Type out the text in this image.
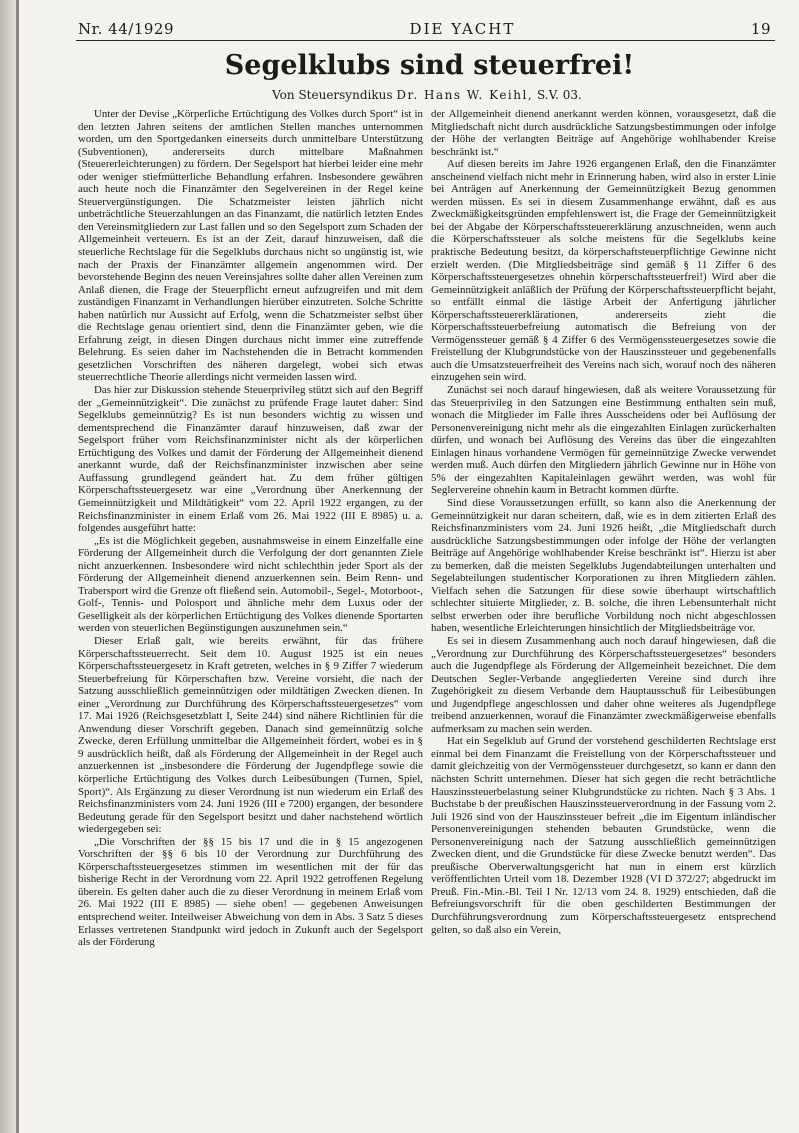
Nr. 44/1929	DIE YACHT	19
Segelklubs sind steuerfrei!
Von Steuersyndikus Dr. Hans W. Keihl, S.V. 03.

Unter der Devise „Körperliche Ertüchtigung des Volkes durch Sport“ ist in den letzten Jahren seitens der amtlichen Stellen manches unternommen worden, um den Sportgedanken einerseits durch unmittelbare Unterstützung (Subventionen), andererseits durch mittelbare Maßnahmen (Steuererleichterungen) zu fördern. Der Segelsport hat hierbei leider eine mehr oder weniger stiefmütterliche Behandlung erfahren. Insbesondere gewähren auch heute noch die Finanzämter den Segelvereinen in der Regel keine Steuervergünstigungen. Die Schatzmeister leisten jährlich nicht unbeträchtliche Steuerzahlungen an das Finanzamt, die natürlich letzten Endes den Vereinsmitgliedern zur Last fallen und so den Segelsport zum Schaden der Allgemeinheit verteuern. Es ist an der Zeit, darauf hinzuweisen, daß die steuerliche Rechtslage für die Segelklubs durchaus nicht so ungünstig ist, wie nach der Praxis der Finanzämter allgemein angenommen wird. Der bevorstehende Beginn des neuen Vereinsjahres sollte daher allen Vereinen zum Anlaß dienen, die Frage der Steuerpflicht erneut aufzugreifen und mit dem zuständigen Finanzamt in Verhandlungen hierüber einzutreten. Solche Schritte haben natürlich nur Aussicht auf Erfolg, wenn die Schatzmeister selbst über die Rechtslage genau orientiert sind, denn die Finanzämter geben, wie die Erfahrung zeigt, in diesen Dingen durchaus nicht immer eine zutreffende Belehrung. Es seien daher im Nachstehenden die in Betracht kommenden gesetzlichen Vorschriften des näheren dargelegt, wobei sich etwas steuerrechtliche Theorie allerdings nicht vermeiden lassen wird.

Das hier zur Diskussion stehende Steuerprivileg stützt sich auf den Begriff der „Gemeinnützigkeit“. Die zunächst zu prüfende Frage lautet daher: Sind Segelklubs gemeinnützig? Es ist nun besonders wichtig zu wissen und dementsprechend die Finanzämter darauf hinzuweisen, daß zwar der Segelsport früher vom Reichsfinanzminister nicht als der körperlichen Ertüchtigung des Volkes und damit der Förderung der Allgemeinheit dienend anerkannt wurde, daß der Reichsfinanzminister inzwischen aber seine Auffassung grundlegend geändert hat. Zu dem früher gültigen Körperschaftssteuergesetz war eine „Verordnung über Anerkennung der Gemeinnützigkeit und Mildtätigkeit“ vom 22. April 1922 ergangen, zu der Reichsfinanzminister in einem Erlaß vom 26. Mai 1922 (III E 8985) u. a. folgendes ausgeführt hatte:

„Es ist die Möglichkeit gegeben, ausnahmsweise in einem Einzelfalle eine Förderung der Allgemeinheit durch die Verfolgung der dort genannten Ziele nicht anzuerkennen. Insbesondere wird nicht schlechthin jeder Sport als der Förderung der Allgemeinheit dienend anzuerkennen sein. Beim Renn- und Trabersport wird die Grenze oft fließend sein. Automobil-, Segel-, Motorboot-, Golf-, Tennis- und Polosport und ähnliche mehr dem Luxus oder der Geselligkeit als der körperlichen Ertüchtigung des Volkes dienende Sportarten werden von steuerlichen Begünstigungen auszunehmen sein.“

Dieser Erlaß galt, wie bereits erwähnt, für das frühere Körperschaftssteuerrecht. Seit dem 10. August 1925 ist ein neues Körperschaftssteuergesetz in Kraft getreten, welches in § 9 Ziffer 7 wiederum Steuerbefreiung für Körperschaften bzw. Vereine vorsieht, die nach der Satzung ausschließlich gemeinnützigen oder mildtätigen Zwecken dienen. In einer „Verordnung zur Durchführung des Körperschaftssteuergesetzes“ vom 17. Mai 1926 (Reichsgesetzblatt I, Seite 244) sind nähere Richtlinien für die Anwendung dieser Vorschrift gegeben. Danach sind gemeinnützig solche Zwecke, deren Erfüllung unmittelbar die Allgemeinheit fördert, wobei es in § 9 ausdrücklich heißt, daß als Förderung der Allgemeinheit in der Regel auch anzuerkennen ist „insbesondere die Förderung der Jugendpflege sowie die körperliche Ertüchtigung des Volkes durch Leibesübungen (Turnen, Spiel, Sport)“. Als Ergänzung zu dieser Verordnung ist nun wiederum ein Erlaß des Reichsfinanzministers vom 24. Juni 1926 (III e 7200) ergangen, der besondere Bedeutung gerade für den Segelsport besitzt und daher nachstehend wörtlich wiedergegeben sei:

„Die Vorschriften der §§ 15 bis 17 und die in § 15 angezogenen Vorschriften der §§ 6 bis 10 der Verordnung zur Durchführung des Körperschaftssteuergesetzes stimmen im wesentlichen mit der für das bisherige Recht in der Verordnung vom 22. April 1922 getroffenen Regelung überein. Es gelten daher auch die zu dieser Verordnung in meinem Erlaß vom 26. Mai 1922 (III E 8985) — siehe oben! — gegebenen Anweisungen entsprechend weiter. Inteilweiser Abweichung von dem in Abs. 3 Satz 5 dieses Erlasses vertretenen Standpunkt wird jedoch in Zukunft auch der Segelsport als der Förderung

der Allgemeinheit dienend anerkannt werden können, vorausgesetzt, daß die Mitgliedschaft nicht durch ausdrückliche Satzungsbestimmungen oder infolge der Höhe der verlangten Beiträge auf Angehörige wohlhabender Kreise beschränkt ist.“

Auf diesen bereits im Jahre 1926 ergangenen Erlaß, den die Finanzämter anscheinend vielfach nicht mehr in Erinnerung haben, wird also in erster Linie bei Anträgen auf Anerkennung der Gemeinnützigkeit Bezug genommen werden müssen. Es sei in diesem Zusammenhange erwähnt, daß es aus Zweckmäßigkeitsgründen empfehlenswert ist, die Frage der Gemeinnützigkeit bei der Abgabe der Körperschaftssteuererklärung anzuschneiden, wenn auch die Körperschaftssteuer als solche meistens für die Segelklubs keine praktische Bedeutung besitzt, da körperschaftsteuerpflichtige Gewinne nicht erzielt werden. (Die Mitgliedsbeiträge sind gemäß § 11 Ziffer 6 des Körperschaftssteuergesetzes ohnehin körperschaftssteuerfrei!) Wird aber die Gemeinnützigkeit anläßlich der Prüfung der Körperschaftssteuerpflicht bejaht, so entfällt einmal die lästige Arbeit der Anfertigung jährlicher Körperschaftssteuererklärationen, andererseits zieht die Körperschaftssteuerbefreiung automatisch die Befreiung von der Vermögenssteuer gemäß § 4 Ziffer 6 des Vermögenssteuergesetzes sowie die Freistellung der Klubgrundstücke von der Hauszinssteuer und gegebenenfalls auch die Umsatzsteuerfreiheit des Vereins nach sich, worauf noch des näheren einzugehen sein wird.

Zunächst sei noch darauf hingewiesen, daß als weitere Voraussetzung für das Steuerprivileg in den Satzungen eine Bestimmung enthalten sein muß, wonach die Mitglieder im Falle ihres Ausscheidens oder bei Auflösung der Personenvereinigung nicht mehr als die eingezahlten Einlagen zurückerhalten dürfen, und wonach bei Auflösung des Vereins das über die eingezahlten Einlagen hinaus vorhandene Vermögen für gemeinnützige Zwecke verwendet werden muß. Auch dürfen den Mitgliedern jährlich Gewinne nur in Höhe von 5% der eingezahlten Kapitaleinlagen gewährt werden, was wohl für Seglervereine ohnehin kaum in Betracht kommen dürfte.

Sind diese Voraussetzungen erfüllt, so kann also die Anerkennung der Gemeinnützigkeit nur daran scheitern, daß, wie es in dem zitierten Erlaß des Reichsfinanzministers vom 24. Juni 1926 heißt, „die Mitgliedschaft durch ausdrückliche Satzungsbestimmungen oder infolge der Höhe der verlangten Beiträge auf Angehörige wohlhabender Kreise beschränkt ist“. Hierzu ist aber zu bemerken, daß die meisten Segelklubs Jugendabteilungen unterhalten und Segelabteilungen studentischer Korporationen zu ihren Mitgliedern zählen. Vielfach sehen die Satzungen für diese sowie überhaupt wirtschaftlich schlechter situierte Mitglieder, z. B. solche, die ihren Lebensunterhalt nicht selbst erwerben oder ihre berufliche Vorbildung noch nicht abgeschlossen haben, wesentliche Erleichterungen hinsichtlich der Mitgliedsbeiträge vor.

Es sei in diesem Zusammenhang auch noch darauf hingewiesen, daß die „Verordnung zur Durchführung des Körperschaftssteuergesetzes“ besonders auch die Jugendpflege als Förderung der Allgemeinheit bezeichnet. Die dem Deutschen Segler-Verbande angegliederten Vereine sind durch ihre Zugehörigkeit zu diesem Verbande dem Hauptausschuß für Leibesübungen und Jugendpflege angeschlossen und daher ohne weiteres als Jugendpflege treibend anzuerkennen, worauf die Finanzämter zweckmäßigerweise ebenfalls aufmerksam zu machen sein werden.

Hat ein Segelklub auf Grund der vorstehend geschilderten Rechtslage erst einmal bei dem Finanzamt die Freistellung von der Körperschaftssteuer und damit gleichzeitig von der Vermögenssteuer durchgesetzt, so kann er dann den nächsten Schritt unternehmen. Dieser hat sich gegen die recht beträchtliche Hauszinssteuerbelastung seiner Klubgrundstücke zu richten. Nach § 3 Abs. 1 Buchstabe b der preußischen Hauszinssteuerverordnung in der Fassung vom 2. Juli 1926 sind von der Hauszinssteuer befreit „die im Eigentum inländischer Personenvereinigungen stehenden bebauten Grundstücke, wenn die Personenvereinigung nach der Satzung ausschließlich gemeinnützigen Zwecken dient, und die Grundstücke für diese Zwecke benutzt werden“. Das preußische Oberverwaltungsgericht hat nun in einem erst kürzlich veröffentlichten Urteil vom 18. Dezember 1928 (VI D 372/27; abgedruckt im Preuß. Fin.-Min.-Bl. Teil I Nr. 12/13 vom 24. 8. 1929) entschieden, daß die Befreiungsvorschrift für die oben geschilderten Bestimmungen der Durchführungsverordnung zum Körperschaftssteuergesetz entsprechend gelten, so daß also ein Verein,
